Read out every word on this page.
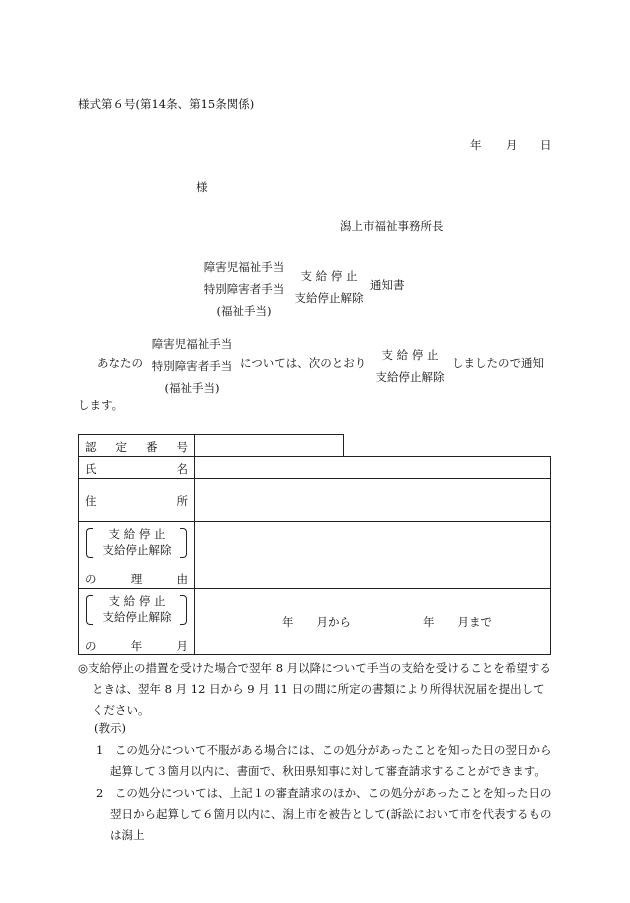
様式第６号(第14条、第15条関係)
年 月 日
様
潟上市福祉事務所長
障害児福祉手当
特別障害者手当
(福祉手当)
支 給 停 止
支給停止解除
通知書
あなたの
障害児福祉手当
特別障害者手当
(福祉手当)
については、次のとおり
支 給 停 止
支給停止解除
しましたので通知
します。
認 定 番 号
氏	名
住	所
支 給 停 止
支給停止解除
の	理	由
支 給 停 止
支給停止解除
の	年	月
年　　月から	年　　月まで
◎支給停止の措置を受けた場合で翌年 8 月以降について手当の支給を受けることを希望するときは、翌年 8 月 12 日から 9 月 11 日の間に所定の書類により所得状況届を提出してください。
(教示)
1　この処分について不服がある場合には、この処分があったことを知った日の翌日から起算して３箇月以内に、書面で、秋田県知事に対して審査請求することができます。
2　この処分については、上記１の審査請求のほか、この処分があったことを知った日の翌日から起算して６箇月以内に、潟上市を被告として(訴訟において市を代表するものは潟上
